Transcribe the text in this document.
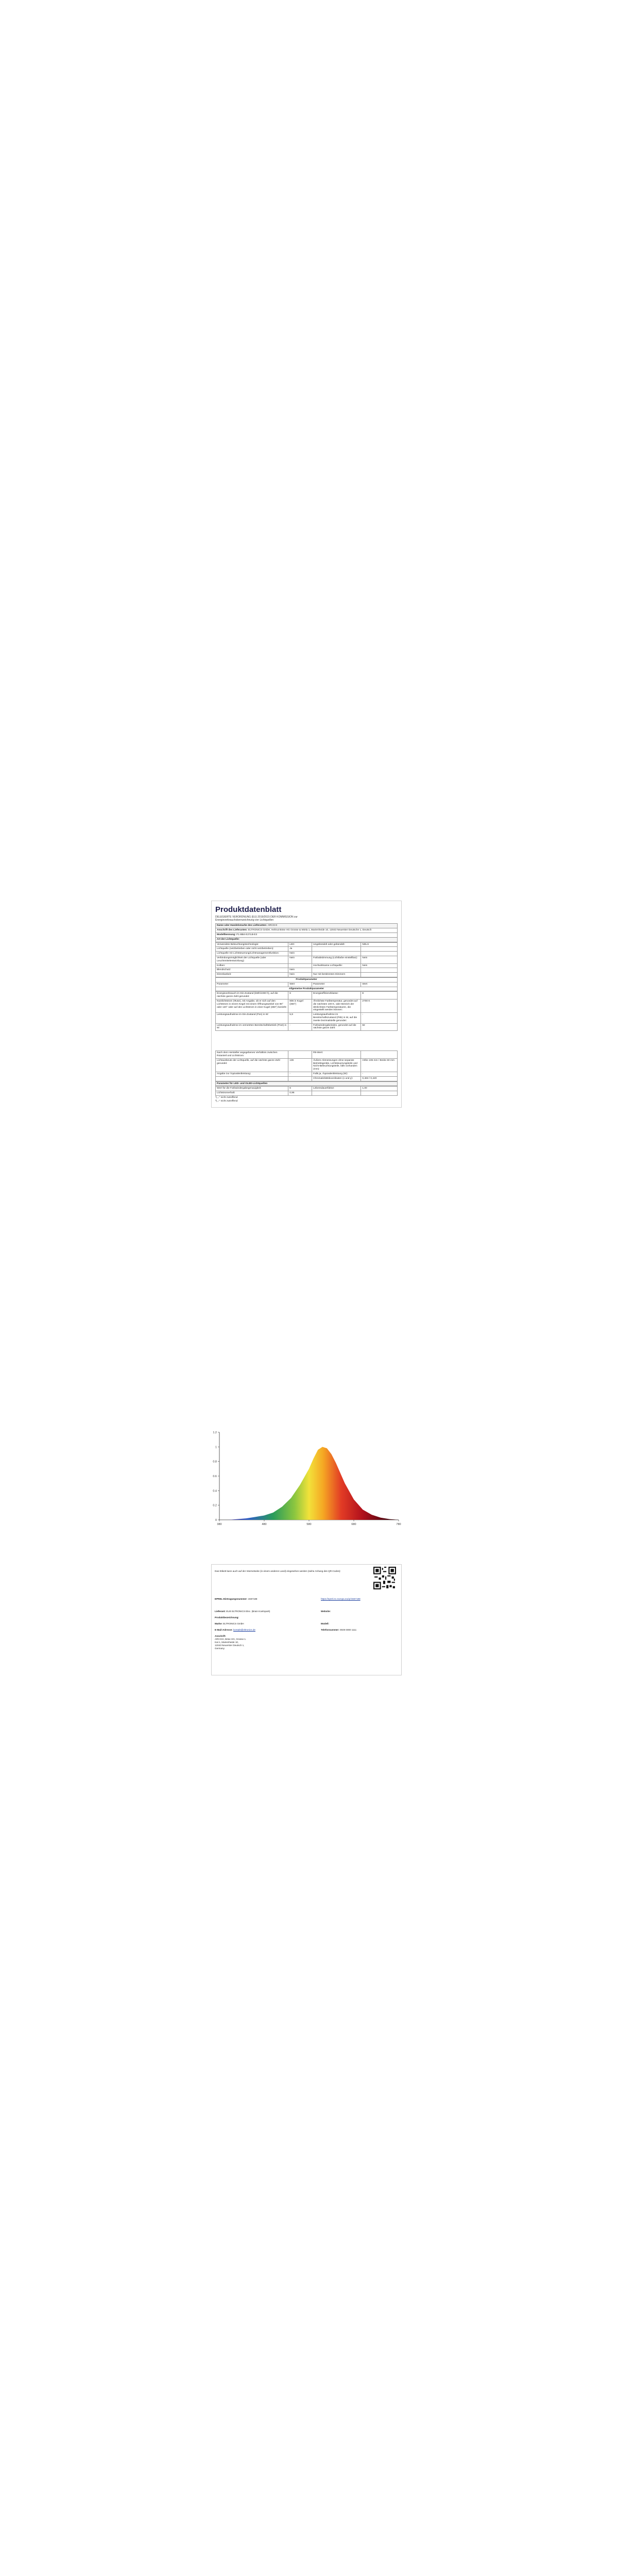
Produktdatenblatt
DELEGIERTE VERORDNUNG (EU) 2019/2015 DER KOMMISSION zur
Energieverbrauchskennzeichnung von Lichtquellen
Name oder Handelsmarke des Lieferanten: ARCCHI
Anschrift des Lieferanten: ELTRONICS GmbH, Helmut Böse HG Grosse & Wiela 1, Marienheide 10, 12043 Neuerster Deutsche 1, Deutsch
Modellkennung: P1-BB4-E27LB-E3
Art der Lichtquelle:
Verwendete Beleuchtungstechnologie:	LED	Ungebündelt oder gebündelt:	NDLS
Lichtquelle (netzbetrieben oder nicht netzbetrieben):	Ja		
Lichtquelle mit Lichtsteuerung/Lichtmanagementfunktion:	Nein		
Verbindungsmöglichkeit der Lichtquelle (oder Leuchtmittelentwicklung):	Nein	Farbabstimmung (Lichtfarbe einstellbar):	Nein
Kolben:		Hochwirksame Lichtquelle:	Nein
Blendschutz:	Nein		
Dimmbarkeit:	Nein	Nur mit bestimmten Dimmern	
Produktparameter
Parameter	Wert	Parameter	Wert
Allgemeine Produktparameter
Energieverbrauch im Ein-Zustand (kWh/1000 h), auf die nächste ganze Zahl gerundet:	6	Energieeffizienzklasse:	E
Nutzlichtstrom (Φuse), mit Angabe, ob er sich auf den Lichtstrom in einem Kegel mit einem Öffnungswinkel von 90° oder 120° oder auf den Lichtstrom in einer Kugel (360°) bezieht:	806 in Kugel (360°)	Ähnlichste Farbtemperatur, gerundet auf die nächsten 100 K, oder Bereich der ähnlichsten Farbtemperaturen, die eingestellt werden können:	2700 K
Leistungsaufnahme im Ein-Zustand (Pon) in W:	5,9	Leistungsaufnahme im Bereitschaftszustand (Psb) in W, auf die zweite Dezimalstelle gerundet:	-
Leistungsaufnahme im vernetzten Bereitschaftsbetrieb (Pnet) in W:	-	Farbwiedergabeindex, gerundet auf die nächste ganze Zahl:	82
Nach dem Hersteller angegebenes Verhältnis zwischen Rotanteil und Lichtstrom:		R9-Wert:	
Lichtausbeute der Lichtquelle, auf die nächste ganze Zahl gerundet:	136	Äußere Abmessungen ohne separate Betriebsgeräte, Lichtsteuerungsteile und Nicht-Beleuchtungsteile, falls vorhanden (mm):	Höhe 106 mm / Breite 60 mm
Angabe zur Äquivalentleistung:	-	Falls ja, Äquivalentleistung (W):	-
		Chromatizitätskoordinaten (x und y):	0,463 / 0,420
Parameter für LED- und OLED-Lichtquellen
Wert für die Farbwiedergabegenauigkeit:	6	Lebensdauerfaktor:	1,00
Lichtstromerhalt:	0,96		
¹) „-“ nicht zutreffend
²) „-“ nicht zutreffend
0
0.2
0.4
0.6
0.8
1
1.2
380	480	580	680	780
Das Etikett kann auch auf der Internetseite (in einem anderen Land) eingesehen werden (siehe Anhang des QR-Codes):
EPREL-Eintragungsnummer: 1557188	https://eprel.ec.europa.eu/qr/1557188
Lieferant: EUE ELTRONICS Elec. (Brain Koelnpark)	Website:
Produktbezeichnung:
Marke: ELTRONICS GmbH	Modell:
E-Mail-Adresse: kontakt@eltronics.de	Telefonnummer: 0049 0000 1111
Anschrift:
ARCCHI, Böse HG, Grosse 1.
Kat 1, Marienheide 10,
12043 Neuerster Deutsch 1,
Germany
